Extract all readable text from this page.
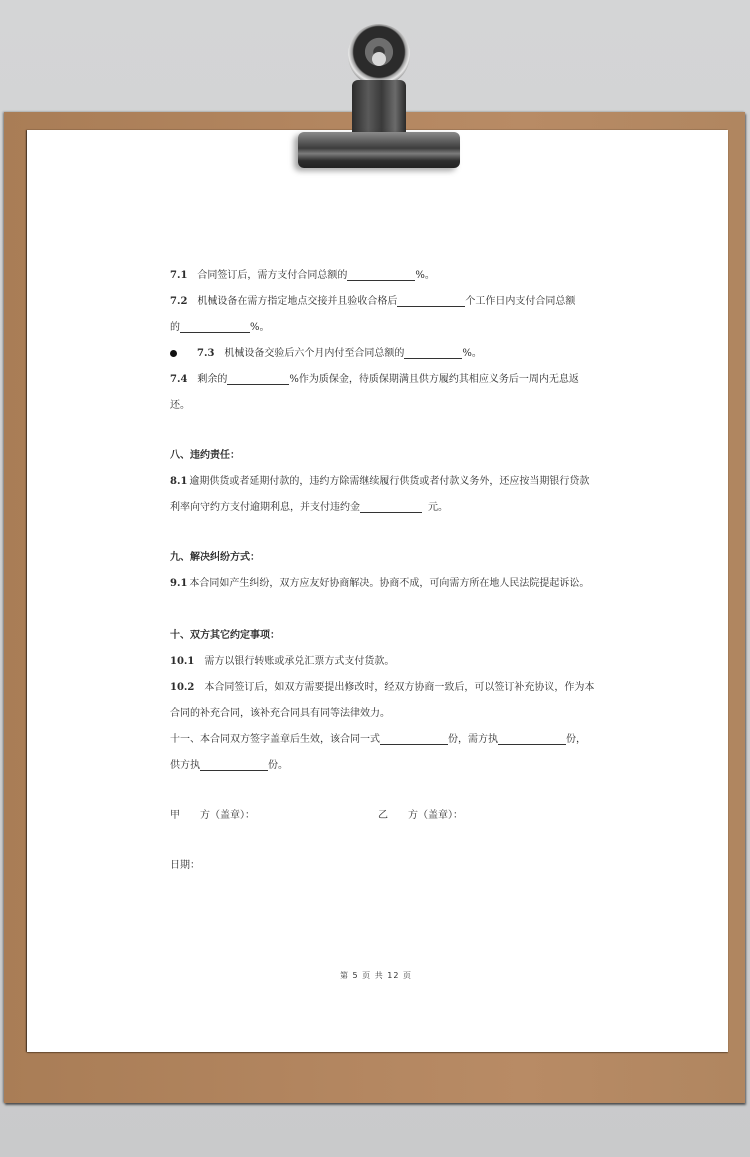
7.1 合同签订后，需方支付合同总额的	%。
7.2 机械设备在需方指定地点交接并且验收合格后	个工作日内支付合同总额
的	%。
7.3 机械设备交验后六个月内付至合同总额的	%。
7.4 剩余的	%作为质保金，待质保期满且供方履约其相应义务后一周内无息返
还。
八、违约责任：
8.1 逾期供货或者延期付款的，违约方除需继续履行供货或者付款义务外，还应按当期银行贷款
利率向守约方支付逾期利息，并支付违约金	元。
九、解决纠纷方式：
9.1 本合同如产生纠纷，双方应友好协商解决。协商不成，可向需方所在地人民法院提起诉讼。
十、双方其它约定事项：
10.1 需方以银行转账或承兑汇票方式支付货款。
10.2 本合同签订后，如双方需要提出修改时，经双方协商一致后，可以签订补充协议，作为本
合同的补充合同，该补充合同具有同等法律效力。
十一、本合同双方签字盖章后生效，该合同一式	份，需方执	份，
供方执	份。
甲　　方（盖章）：	乙　　方（盖章）：
日期：
第 5 页 共 12 页
